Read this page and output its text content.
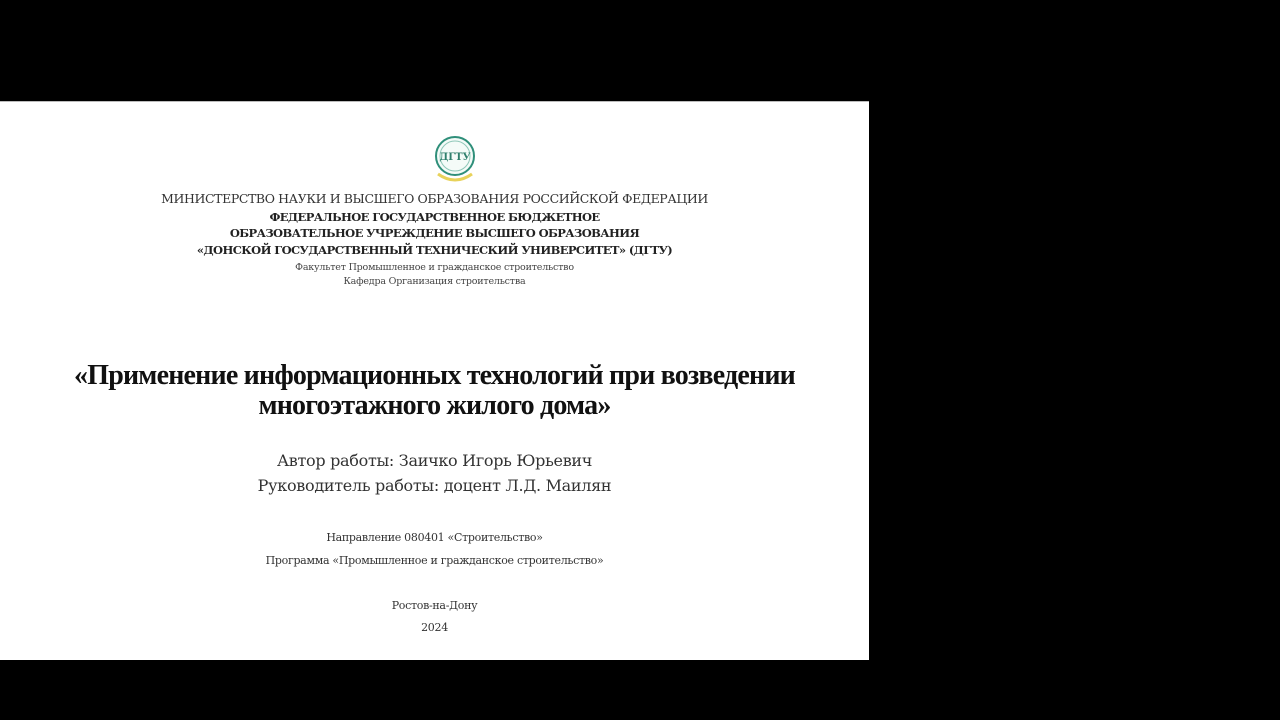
ДГТУ
МИНИСТЕРСТВО НАУКИ И ВЫСШЕГО ОБРАЗОВАНИЯ РОССИЙСКОЙ ФЕДЕРАЦИИ
ФЕДЕРАЛЬНОЕ ГОСУДАРСТВЕННОЕ БЮДЖЕТНОЕ
ОБРАЗОВАТЕЛЬНОЕ УЧРЕЖДЕНИЕ ВЫСШЕГО ОБРАЗОВАНИЯ
«ДОНСКОЙ ГОСУДАРСТВЕННЫЙ ТЕХНИЧЕСКИЙ УНИВЕРСИТЕТ» (ДГТУ)
Факультет Промышленное и гражданское строительство
Кафедра Организация строительства
«Применение информационных технологий при возведении
многоэтажного жилого дома»
Автор работы: Заичко Игорь Юрьевич
Руководитель работы: доцент Л.Д. Маилян
Направление 080401 «Строительство»
Программа «Промышленное и гражданское строительство»
Ростов-на-Дону
2024
